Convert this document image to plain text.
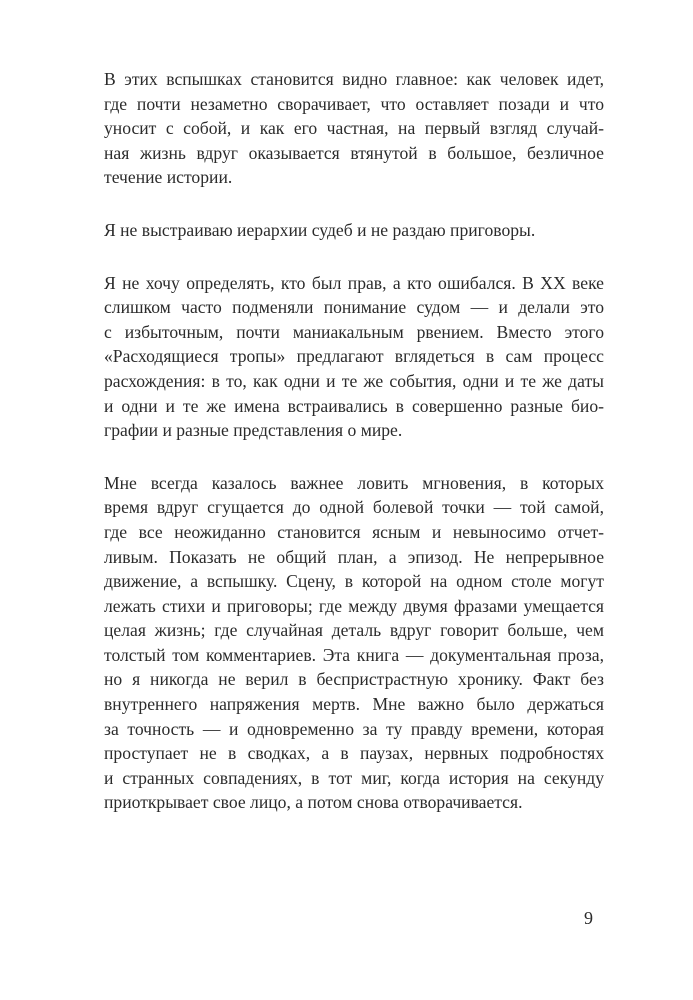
В этих вспышках становится видно главное: как человек идет,
где почти незаметно сворачивает, что оставляет позади и что
уносит с собой, и как его частная, на первый взгляд случай-
ная жизнь вдруг оказывается втянутой в большое, безличное
течение истории.
Я не выстраиваю иерархии судеб и не раздаю приговоры.
Я не хочу определять, кто был прав, а кто ошибался. В XX веке
слишком часто подменяли понимание судом — и делали это
с избыточным, почти маниакальным рвением. Вместо этого
«Расходящиеся тропы» предлагают вглядеться в сам процесс
расхождения: в то, как одни и те же события, одни и те же даты
и одни и те же имена встраивались в совершенно разные био-
графии и разные представления о мире.
Мне всегда казалось важнее ловить мгновения, в которых
время вдруг сгущается до одной болевой точки — той самой,
где все неожиданно становится ясным и невыносимо отчет-
ливым. Показать не общий план, а эпизод. Не непрерывное
движение, а вспышку. Сцену, в которой на одном столе могут
лежать стихи и приговоры; где между двумя фразами умещается
целая жизнь; где случайная деталь вдруг говорит больше, чем
толстый том комментариев. Эта книга — документальная проза,
но я никогда не верил в беспристрастную хронику. Факт без
внутреннего напряжения мертв. Мне важно было держаться
за точность — и одновременно за ту правду времени, которая
проступает не в сводках, а в паузах, нервных подробностях
и странных совпадениях, в тот миг, когда история на секунду
приоткрывает свое лицо, а потом снова отворачивается.
9
